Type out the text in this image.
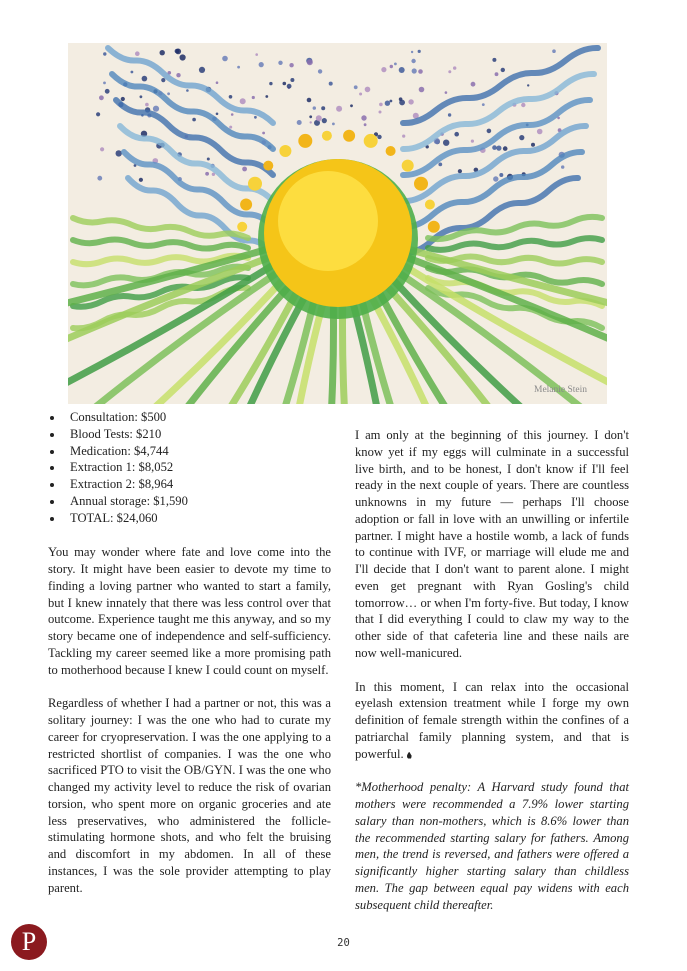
Melanie Stein
Consultation: $500
Blood Tests: $210
Medication: $4,744
Extraction 1: $8,052
Extraction 2: $8,964
Annual storage: $1,590
TOTAL: $24,060

You may wonder where fate and love come into the story. It might have been easier to devote my time to finding a loving partner who wanted to start a family, but I knew innately that there was less control over that outcome. Experience taught me this anyway, and so my story became one of independence and self-sufficiency. Tackling my career seemed like a more promising path to motherhood because I knew I could count on myself.

Regardless of whether I had a partner or not, this was a solitary journey: I was the one who had to curate my career for cryopreservation. I was the one applying to a restricted shortlist of companies. I was the one who sacrificed PTO to visit the OB/GYN. I was the one who changed my activity level to reduce the risk of ovarian torsion, who spent more on organic groceries and ate less preservatives, who administered the follicle-stimulating hormone shots, and who felt the bruising and discomfort in my abdomen. In all of these instances, I was the sole provider attempting to play parent.

I am only at the beginning of this journey. I don't know yet if my eggs will culminate in a successful live birth, and to be honest, I don't know if I'll feel ready in the next couple of years. There are countless unknowns in my future — perhaps I'll choose adoption or fall in love with an unwilling or infertile partner. I might have a hostile womb, a lack of funds to continue with IVF, or marriage will elude me and I'll decide that I don't want to parent alone. I might even get pregnant with Ryan Gosling's child tomorrow… or when I'm forty-five. But today, I know that I did everything I could to claw my way to the other side of that cafeteria line and these nails are now well-manicured.

In this moment, I can relax into the occasional eyelash extension treatment while I forge my own definition of female strength within the confines of a patriarchal family planning system, and that is powerful.

*Motherhood penalty: A Harvard study found that mothers were recommended a 7.9% lower starting salary than non-mothers, which is 8.6% lower than the recommended starting salary for fathers. Among men, the trend is reversed, and fathers were offered a significantly higher starting salary than childless men. The gap between equal pay widens with each subsequent child thereafter.

P	20
